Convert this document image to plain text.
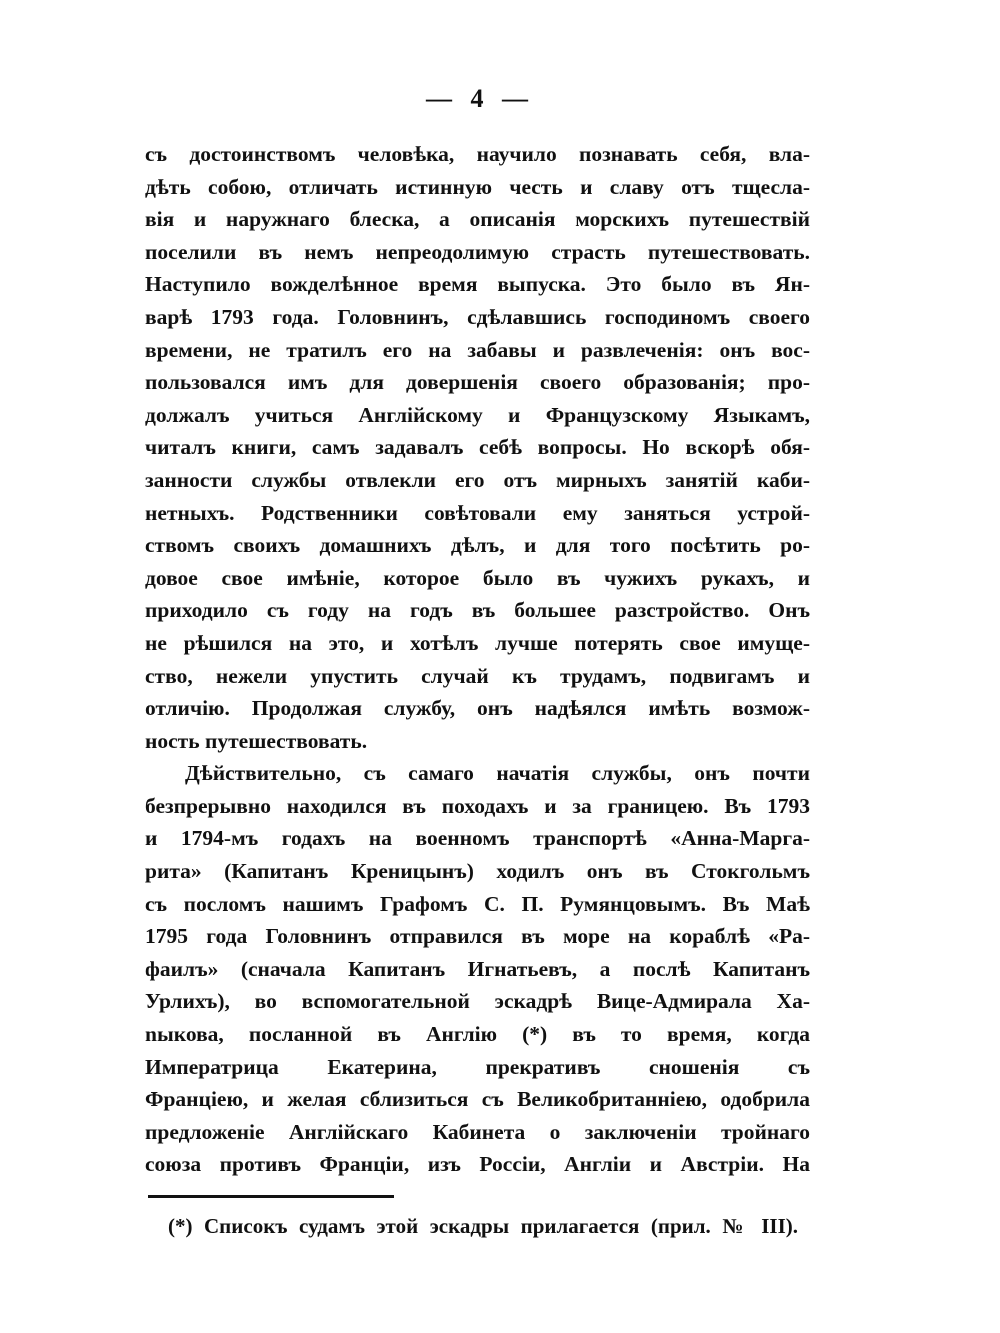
— 4 —
съ достоинствомъ человѣка, научило познавать себя, вла-
дѣть собою, отличать истинную честь и славу отъ тщесла-
вія и наружнаго блеска, а описанія морскихъ путешествій
поселили въ немъ непреодолимую страсть путешествовать.
Наступило вожделѣнное время выпуска. Это было въ Ян-
варѣ 1793 года. Головнинъ, сдѣлавшись господиномъ своего
времени, не тратилъ его на забавы и развлеченія: онъ вос-
пользовался имъ для довершенія своего образованія; про-
должалъ учиться Англійскому и Французскому Языкамъ,
читалъ книги, самъ задавалъ себѣ вопросы. Но вскорѣ обя-
занности службы отвлекли его отъ мирныхъ занятій каби-
нетныхъ. Родственники совѣтовали ему заняться устрой-
ствомъ своихъ домашнихъ дѣлъ, и для того посѣтить ро-
довое свое имѣніе, которое было въ чужихъ рукахъ, и
приходило съ году на годъ въ большее разстройство. Онъ
не рѣшился на это, и хотѣлъ лучше потерять свое имуще-
ство, нежели упустить случай къ трудамъ, подвигамъ и
отличію. Продолжая службу, онъ надѣялся имѣть возмож-
ность путешествовать.
Дѣйствительно, съ самаго начатія службы, онъ почти
безпрерывно находился въ походахъ и за границею. Въ 1793
и 1794-мъ годахъ на военномъ транспортѣ «Анна-Марга-
рита» (Капитанъ Креницынъ) ходилъ онъ въ Стокгольмъ
съ посломъ нашимъ Графомъ С. П. Румянцовымъ. Въ Маѣ
1795 года Головнинъ отправился въ море на кораблѣ «Ра-
фаилъ» (сначала Капитанъ Игнатьевъ, а послѣ Капитанъ
Урлихъ), во вспомогательной эскадрѣ Вице-Адмирала Ха-
nыкова, посланной въ Англію (*) въ то время, когда
Императрица Екатерина, прекративъ сношенія съ
Франціею, и желая сблизиться съ Великобританніею, одобрила
предложеніе Англійскаго Кабинета о заключеніи тройнаго
союза противъ Франціи, изъ Россіи, Англіи и Австріи. На
(*) Списокъ судамъ этой эскадры прилагается (прил. № III).
